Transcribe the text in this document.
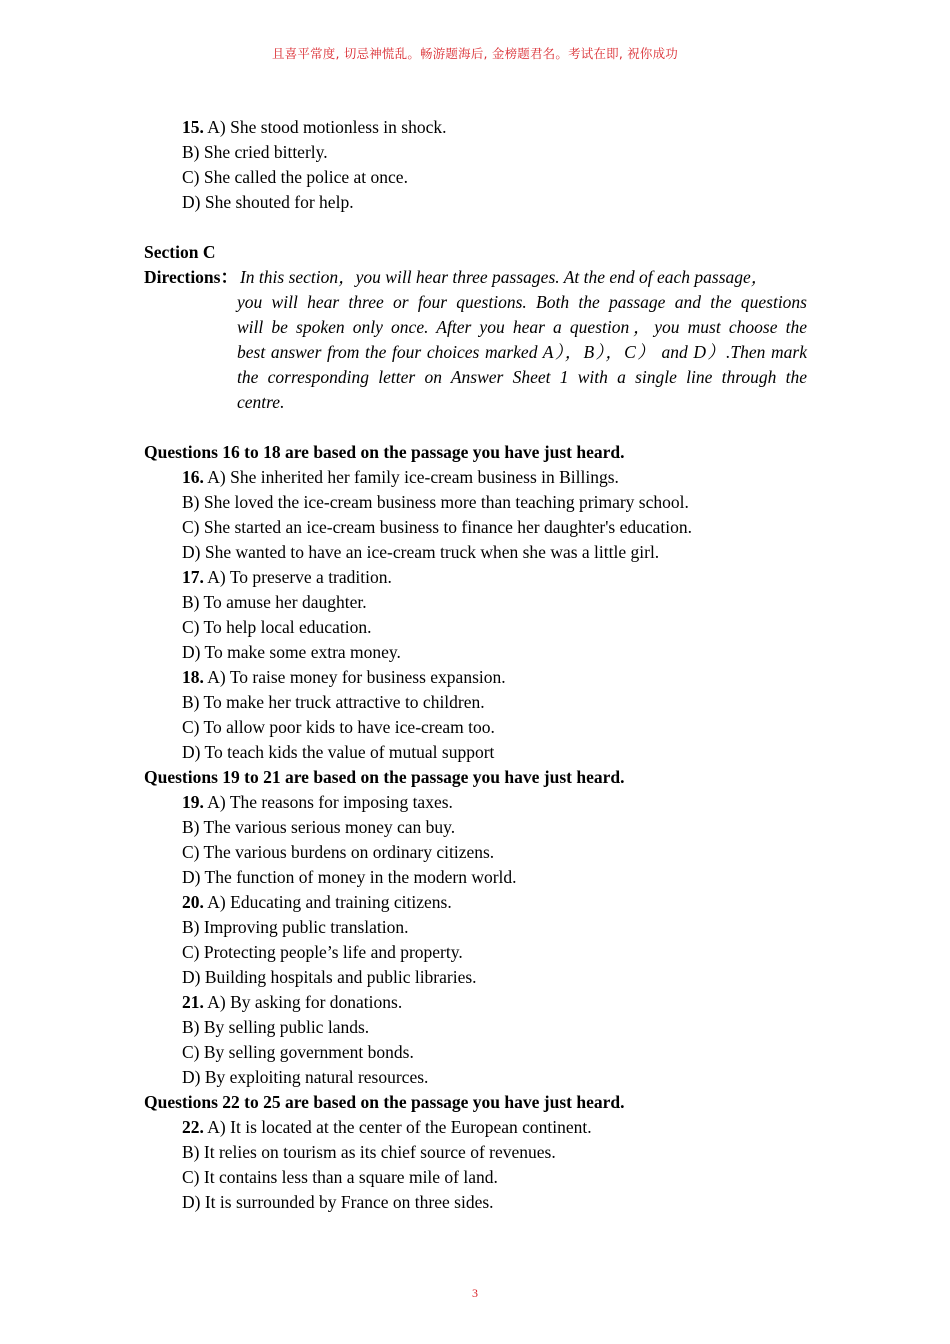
且喜平常度, 切忌神慌乱。畅游题海后, 金榜题君名。考试在即, 祝你成功
15. A) She stood motionless in shock.
B) She cried bitterly.
C) She called the police at once.
D) She shouted for help.
Section C
Directions： In this section，you will hear three passages. At the end of each passage，
you will hear three or four questions. Both the passage and the questions
will be spoken only once. After you hear a question，you must choose the
best answer from the four choices marked A），B），C） and D）.Then mark
the corresponding letter on Answer Sheet 1 with a single line through the
centre.
Questions 16 to 18 are based on the passage you have just heard.
16. A) She inherited her family ice-cream business in Billings.
B) She loved the ice-cream business more than teaching primary school.
C) She started an ice-cream business to finance her daughter's education.
D) She wanted to have an ice-cream truck when she was a little girl.
17. A) To preserve a tradition.
B) To amuse her daughter.
C) To help local education.
D) To make some extra money.
18. A) To raise money for business expansion.
B) To make her truck attractive to children.
C) To allow poor kids to have ice-cream too.
D) To teach kids the value of mutual support
Questions 19 to 21 are based on the passage you have just heard.
19. A) The reasons for imposing taxes.
B) The various serious money can buy.
C) The various burdens on ordinary citizens.
D) The function of money in the modern world.
20. A) Educating and training citizens.
B) Improving public translation.
C) Protecting people’s life and property.
D) Building hospitals and public libraries.
21. A) By asking for donations.
B) By selling public lands.
C) By selling government bonds.
D) By exploiting natural resources.
Questions 22 to 25 are based on the passage you have just heard.
22. A) It is located at the center of the European continent.
B) It relies on tourism as its chief source of revenues.
C) It contains less than a square mile of land.
D) It is surrounded by France on three sides.
3
